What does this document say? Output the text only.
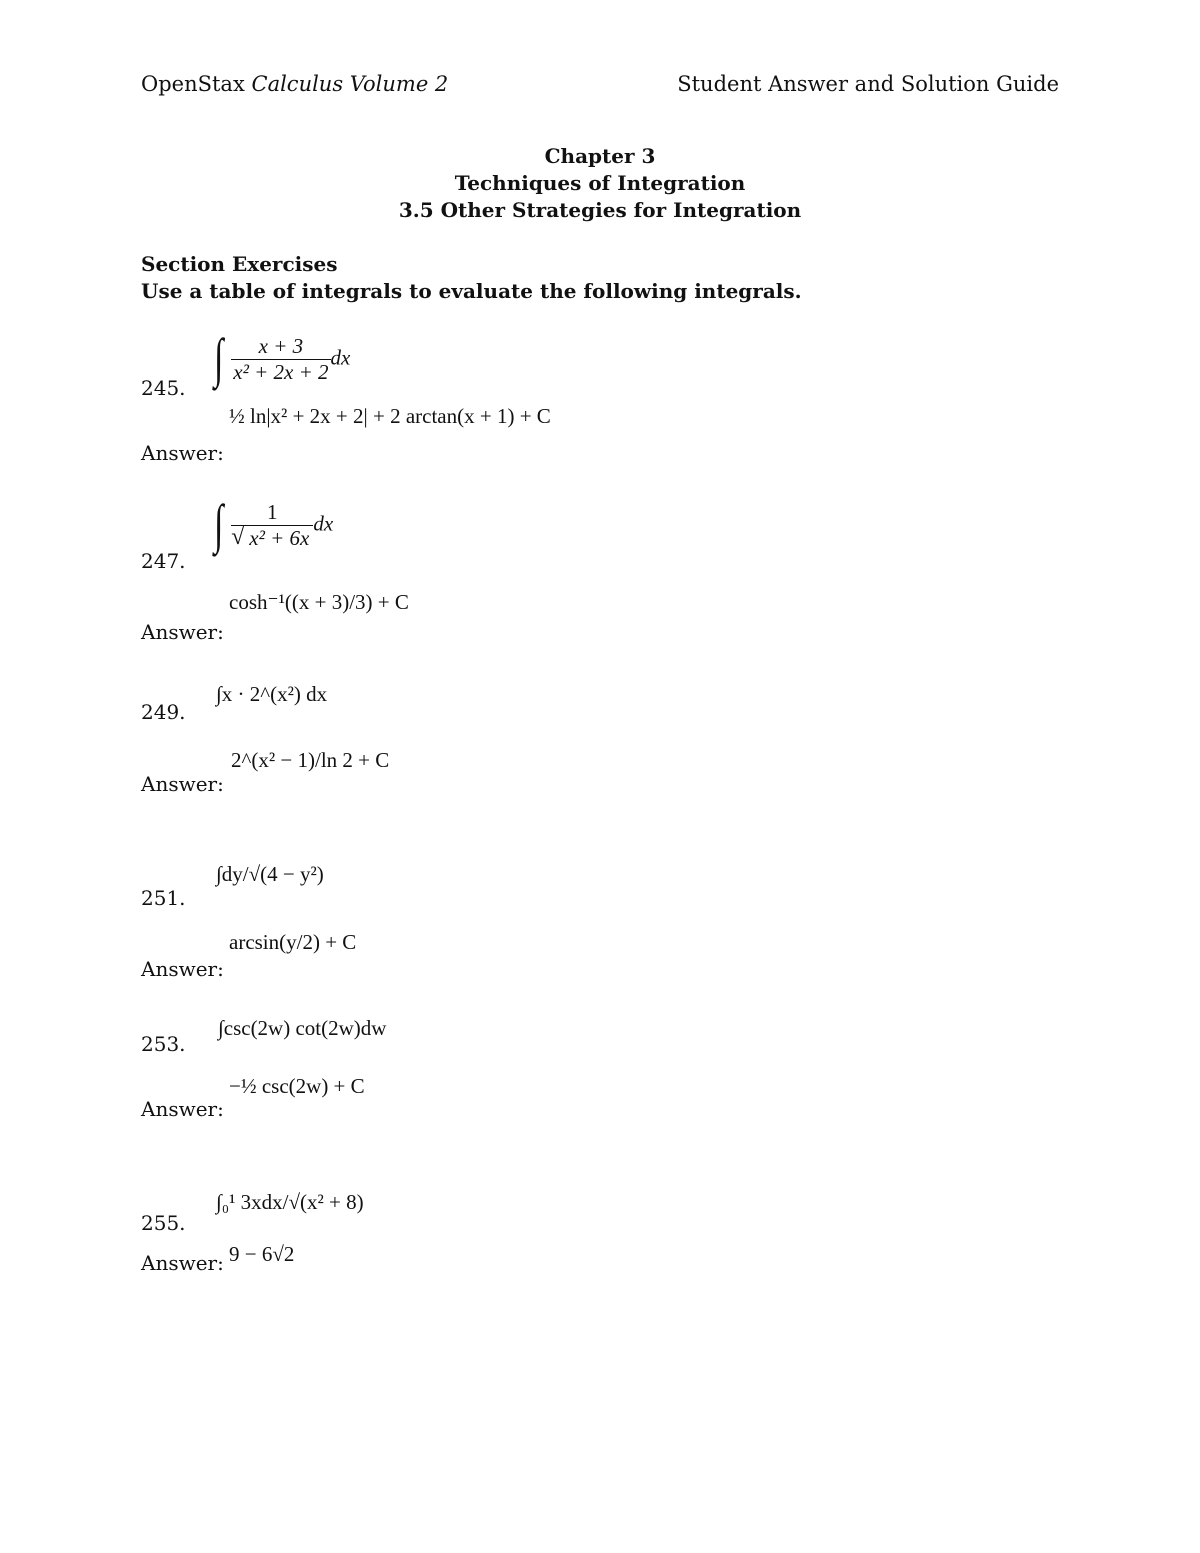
OpenStax Calculus Volume 2	Student Answer and Solution Guide
Chapter 3
Techniques of Integration
3.5 Other Strategies for Integration
Section Exercises
Use a table of integrals to evaluate the following integrals.
245. ∫ $\frac{x + 3}{\text{x² + 2x + 2}}$ dx
Answer:
½ ln|x² + 2x + 2| + 2 arctan(x + 1) + C
247.
∫ 1
√ x² + 6x dx
Answer:
cosh⁻¹((x + 3)/3) + C
249.
∫x · 2^(x²) dx
Answer:
2^(x² − 1)/ln 2 + C
251.
∫dy/√(4 − y²)
Answer:
arcsin(y/2) + C
253.
∫csc(2w) cot(2w)dw
Answer:
−½ csc(2w) + C
255.
∫₀¹ 3xdx/√(x² + 8)
Answer: 9 − 6√2
